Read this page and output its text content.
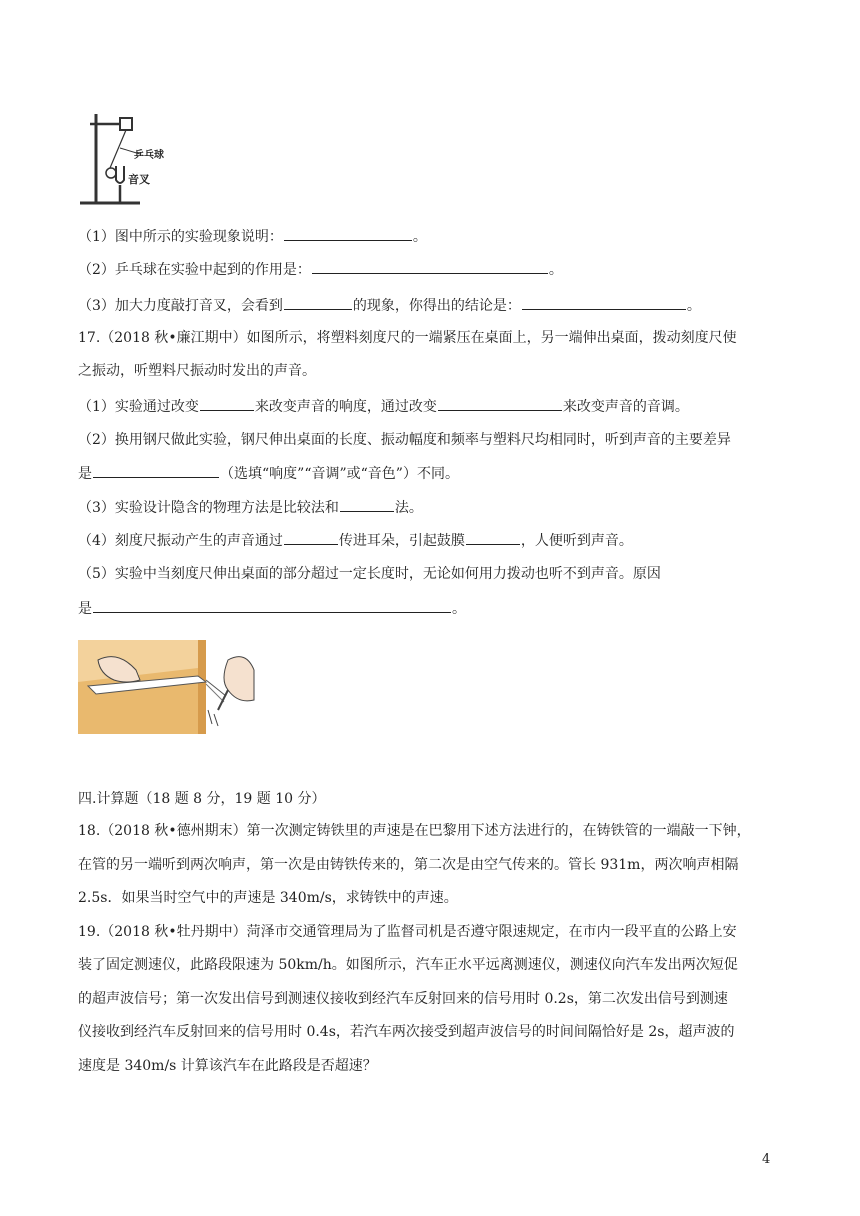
乒乓球
音叉
（1）图中所示的实验现象说明：	。
（2）乒乓球在实验中起到的作用是：	。
（3）加大力度敲打音叉，会看到	的现象，你得出的结论是：	。
17.（2018 秋•廉江期中）如图所示，将塑料刻度尺的一端紧压在桌面上，另一端伸出桌面，拨动刻度尺使
之振动，听塑料尺振动时发出的声音。
（1）实验通过改变	来改变声音的响度，通过改变	来改变声音的音调。
（2）换用钢尺做此实验，钢尺伸出桌面的长度、振动幅度和频率与塑料尺均相同时，听到声音的主要差异
是	（选填“响度”“音调”或“音色”）不同。
（3）实验设计隐含的物理方法是比较法和	法。
（4）刻度尺振动产生的声音通过	传进耳朵，引起鼓膜	，人便听到声音。
（5）实验中当刻度尺伸出桌面的部分超过一定长度时，无论如何用力拨动也听不到声音。原因
是	。
四.计算题（18 题 8 分，19 题 10 分）
18.（2018 秋•德州期末）第一次测定铸铁里的声速是在巴黎用下述方法进行的，在铸铁管的一端敲一下钟，
在管的另一端听到两次响声，第一次是由铸铁传来的，第二次是由空气传来的。管长 931m，两次响声相隔
2.5s．如果当时空气中的声速是 340m/s，求铸铁中的声速。
19.（2018 秋•牡丹期中）菏泽市交通管理局为了监督司机是否遵守限速规定，在市内一段平直的公路上安
装了固定测速仪，此路段限速为 50km/h。如图所示，汽车正水平远离测速仪，测速仪向汽车发出两次短促
的超声波信号；第一次发出信号到测速仪接收到经汽车反射回来的信号用时 0.2s，第二次发出信号到测速
仪接收到经汽车反射回来的信号用时 0.4s，若汽车两次接受到超声波信号的时间间隔恰好是 2s，超声波的
速度是 340m/s 计算该汽车在此路段是否超速？
4
